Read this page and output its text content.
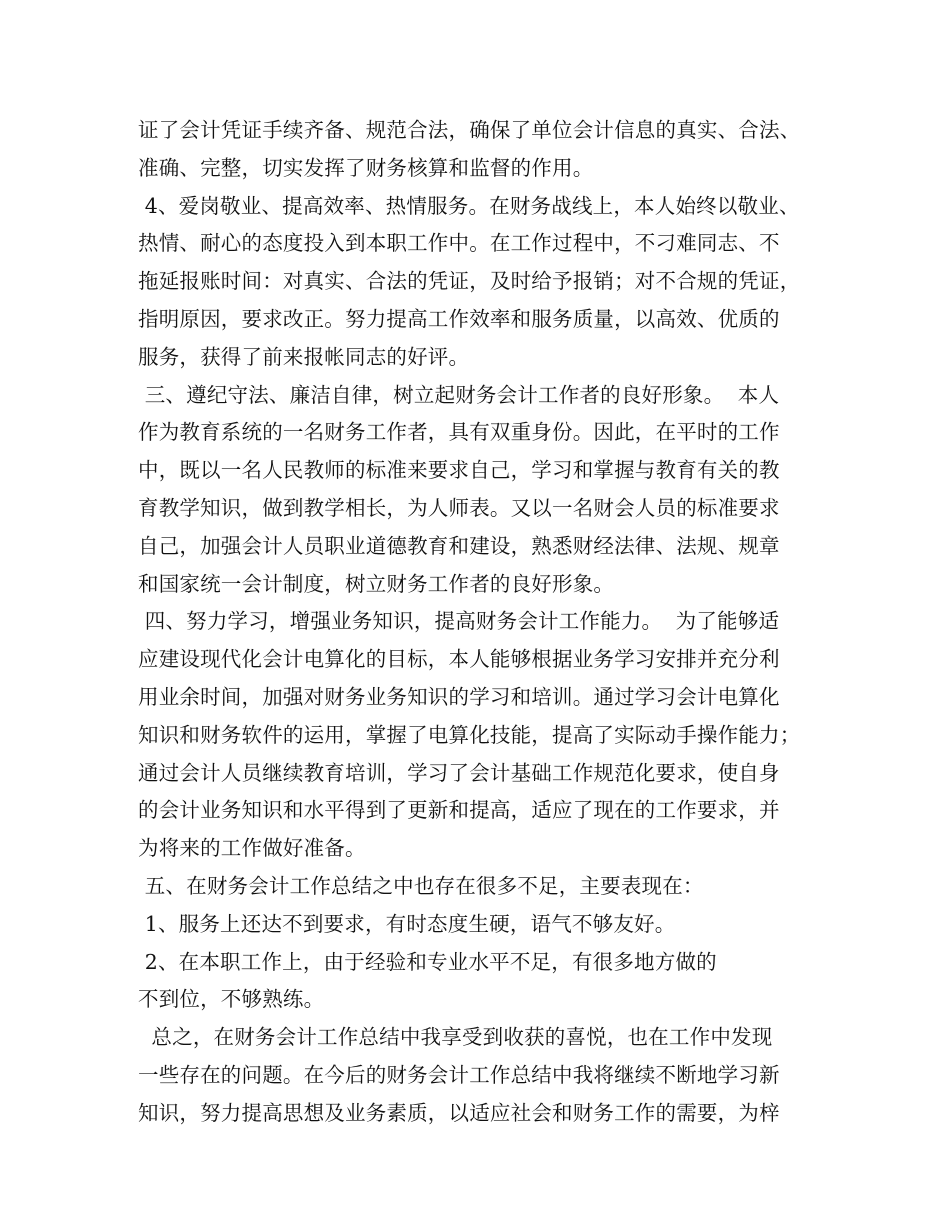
证了会计凭证手续齐备、规范合法，确保了单位会计信息的真实、合法、
准确、完整，切实发挥了财务核算和监督的作用。
4、爱岗敬业、提高效率、热情服务。在财务战线上，本人始终以敬业、
热情、耐心的态度投入到本职工作中。在工作过程中，不刁难同志、不
拖延报账时间：对真实、合法的凭证，及时给予报销；对不合规的凭证，
指明原因，要求改正。努力提高工作效率和服务质量，以高效、优质的
服务，获得了前来报帐同志的好评。
三、遵纪守法、廉洁自律，树立起财务会计工作者的良好形象。  本人
作为教育系统的一名财务工作者，具有双重身份。因此，在平时的工作
中，既以一名人民教师的标准来要求自己，学习和掌握与教育有关的教
育教学知识，做到教学相长，为人师表。又以一名财会人员的标准要求
自己，加强会计人员职业道德教育和建设，熟悉财经法律、法规、规章
和国家统一会计制度，树立财务工作者的良好形象。
四、努力学习，增强业务知识，提高财务会计工作能力。  为了能够适
应建设现代化会计电算化的目标，本人能够根据业务学习安排并充分利
用业余时间，加强对财务业务知识的学习和培训。通过学习会计电算化
知识和财务软件的运用，掌握了电算化技能，提高了实际动手操作能力；
通过会计人员继续教育培训，学习了会计基础工作规范化要求，使自身
的会计业务知识和水平得到了更新和提高，适应了现在的工作要求，并
为将来的工作做好准备。
五、在财务会计工作总结之中也存在很多不足，主要表现在：
1、服务上还达不到要求，有时态度生硬，语气不够友好。
2、在本职工作上，由于经验和专业水平不足，有很多地方做的
不到位，不够熟练。
总之，在财务会计工作总结中我享受到收获的喜悦，也在工作中发现
一些存在的问题。在今后的财务会计工作总结中我将继续不断地学习新
知识，努力提高思想及业务素质，以适应社会和财务工作的需要，为梓
